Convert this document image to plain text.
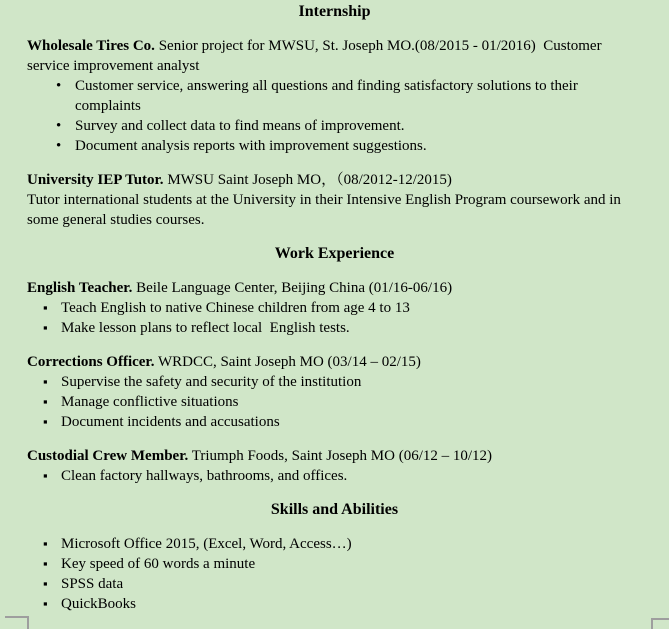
Internship
Wholesale Tires Co. Senior project for MWSU, St. Joseph MO.(08/2015 - 01/2016)  Customer service improvement analyst
• Customer service, answering all questions and finding satisfactory solutions to their complaints
• Survey and collect data to find means of improvement.
• Document analysis reports with improvement suggestions.
University IEP Tutor. MWSU Saint Joseph MO，（08/2012-12/2015)
Tutor international students at the University in their Intensive English Program coursework and in some general studies courses.
Work Experience
English Teacher. Beile Language Center, Beijing China (01/16-06/16)
▪ Teach English to native Chinese children from age 4 to 13
▪ Make lesson plans to reflect local  English tests.
Corrections Officer. WRDCC, Saint Joseph MO (03/14 – 02/15)
▪ Supervise the safety and security of the institution
▪ Manage conflictive situations
▪ Document incidents and accusations
Custodial Crew Member. Triumph Foods, Saint Joseph MO (06/12 – 10/12)
▪ Clean factory hallways, bathrooms, and offices.
Skills and Abilities
▪ Microsoft Office 2015, (Excel, Word, Access…)
▪ Key speed of 60 words a minute
▪ SPSS data
▪ QuickBooks
